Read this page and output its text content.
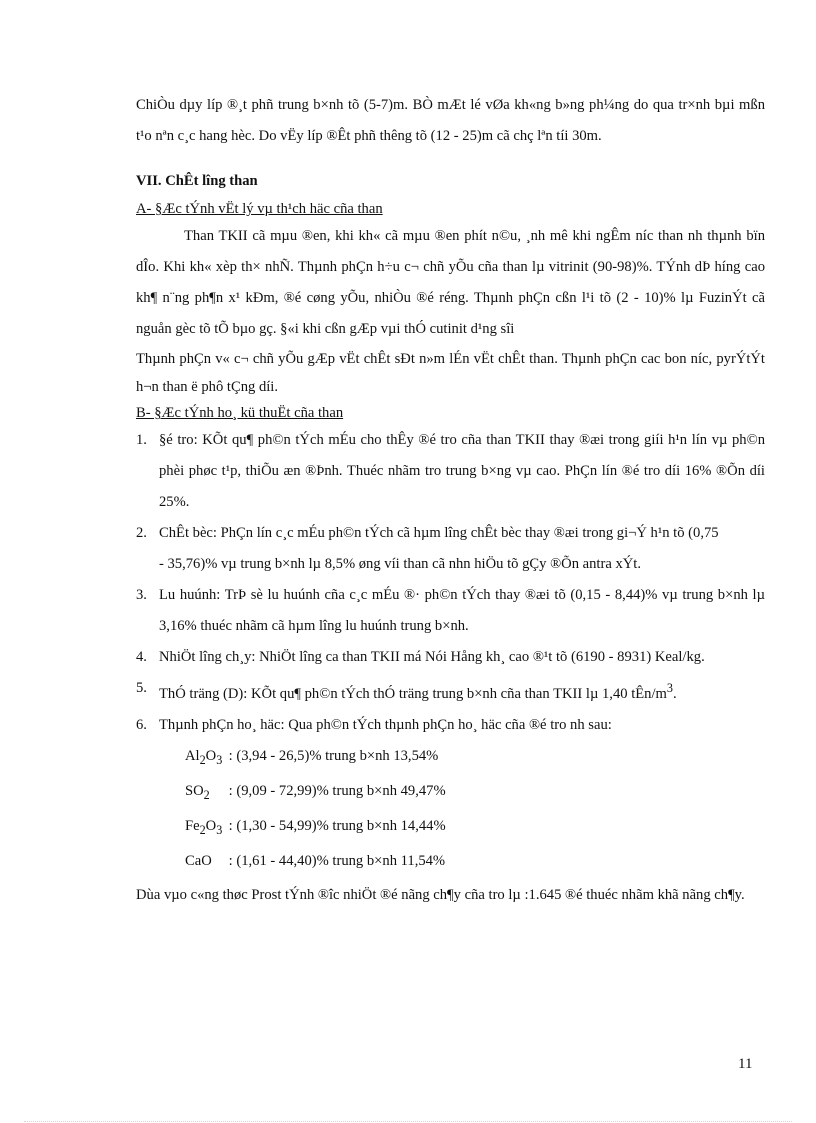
ChiÒu dµy líp ®¸t phñ trung b×nh tõ (5-7)m. BÒ mÆt lé vØa kh«ng b»ng ph¼ng do qua tr×nh bµi mßn t¹o nªn c¸c hang hèc. Do vËy líp ®Êt phñ thêng tõ (12 - 25)m cã chç lªn tíi 30m.

VII. ChÊt lîng than

A- §Æc tÝnh vËt lý vµ th¹ch häc cña than

Than TKII cã mµu ®en, khi kh« cã mµu ®en phít n©u, ¸nh mê khi ngÊm níc than nh thµnh bïn dÎo. Khi kh« xèp th× nhÑ. Thµnh phÇn h÷u c¬ chñ yÕu cña than lµ vitrinit (90-98)%. TÝnh dÞ híng cao kh¶ n¨ng ph¶n x¹ kÐm, ®é cøng yÕu, nhiÒu ®é réng. Thµnh phÇn cßn l¹i tõ (2 - 10)% lµ FuzinÝt cã nguån gèc tõ tÕ bµo gç. §«i khi cßn gÆp vµi thÓ cutinit d¹ng sîi

Thµnh phÇn v« c¬ chñ yÕu gÆp vËt chÊt sÐt n»m lÉn vËt chÊt than. Thµnh phÇn cac bon níc, pyrÝtÝt h¬n than ë phô tÇng díi.

B- §Æc tÝnh ho¸ kü thuËt cña than

1. §é tro: KÕt qu¶ ph©n tÝch mÉu cho thÊy ®é tro cña than TKII thay ®æi trong giíi h¹n lín vµ ph©n phèi phøc t¹p, thiÕu æn ®Þnh. Thuéc nhãm tro trung b×ng vµ cao. PhÇn lín ®é tro díi 16% ®Õn díi 25%.
2. ChÊt bèc: PhÇn lín c¸c mÉu ph©n tÝch cã hµm lîng chÊt bèc thay ®æi trong gi¬Ý h¹n tõ (0,75
- 35,76)% vµ trung b×nh lµ 8,5% øng víi than cã nhn hiÖu tõ gÇy ®Õn antra xÝt.
3. Lu huúnh: TrÞ sè lu huúnh cña c¸c mÉu ®· ph©n tÝch thay ®æi tõ (0,15 - 8,44)% vµ trung b×nh lµ 3,16% thuéc nhãm cã hµm lîng lu huúnh trung b×nh.
4. NhiÖt lîng ch¸y: NhiÖt lîng ca than TKII má Nói Hång kh¸ cao ®¹t tõ (6190 - 8931) Keal/kg.
5. ThÓ träng (D): KÕt qu¶ ph©n tÝch thÓ träng trung b×nh cña than TKII lµ 1,40 tÊn/$m^3$.
6. Thµnh phÇn ho¸ häc: Qua ph©n tÝch thµnh phÇn ho¸ häc cña ®é tro nh sau:

$Al_2O_3$ : (3,94 - 26,5)% trung b×nh 13,54%

$SO_2$ : (9,09 - 72,99)% trung b×nh 49,47%

$Fe_2O_3$ : (1,30 - 54,99)% trung b×nh 14,44%

CaO : (1,61 - 44,40)% trung b×nh 11,54%

Dùa vµo c«ng thøc Prost tÝnh ®îc nhiÖt ®é nãng ch¶y cña tro lµ :1.645 ®é thuéc nhãm khã nãng ch¶y.

11
